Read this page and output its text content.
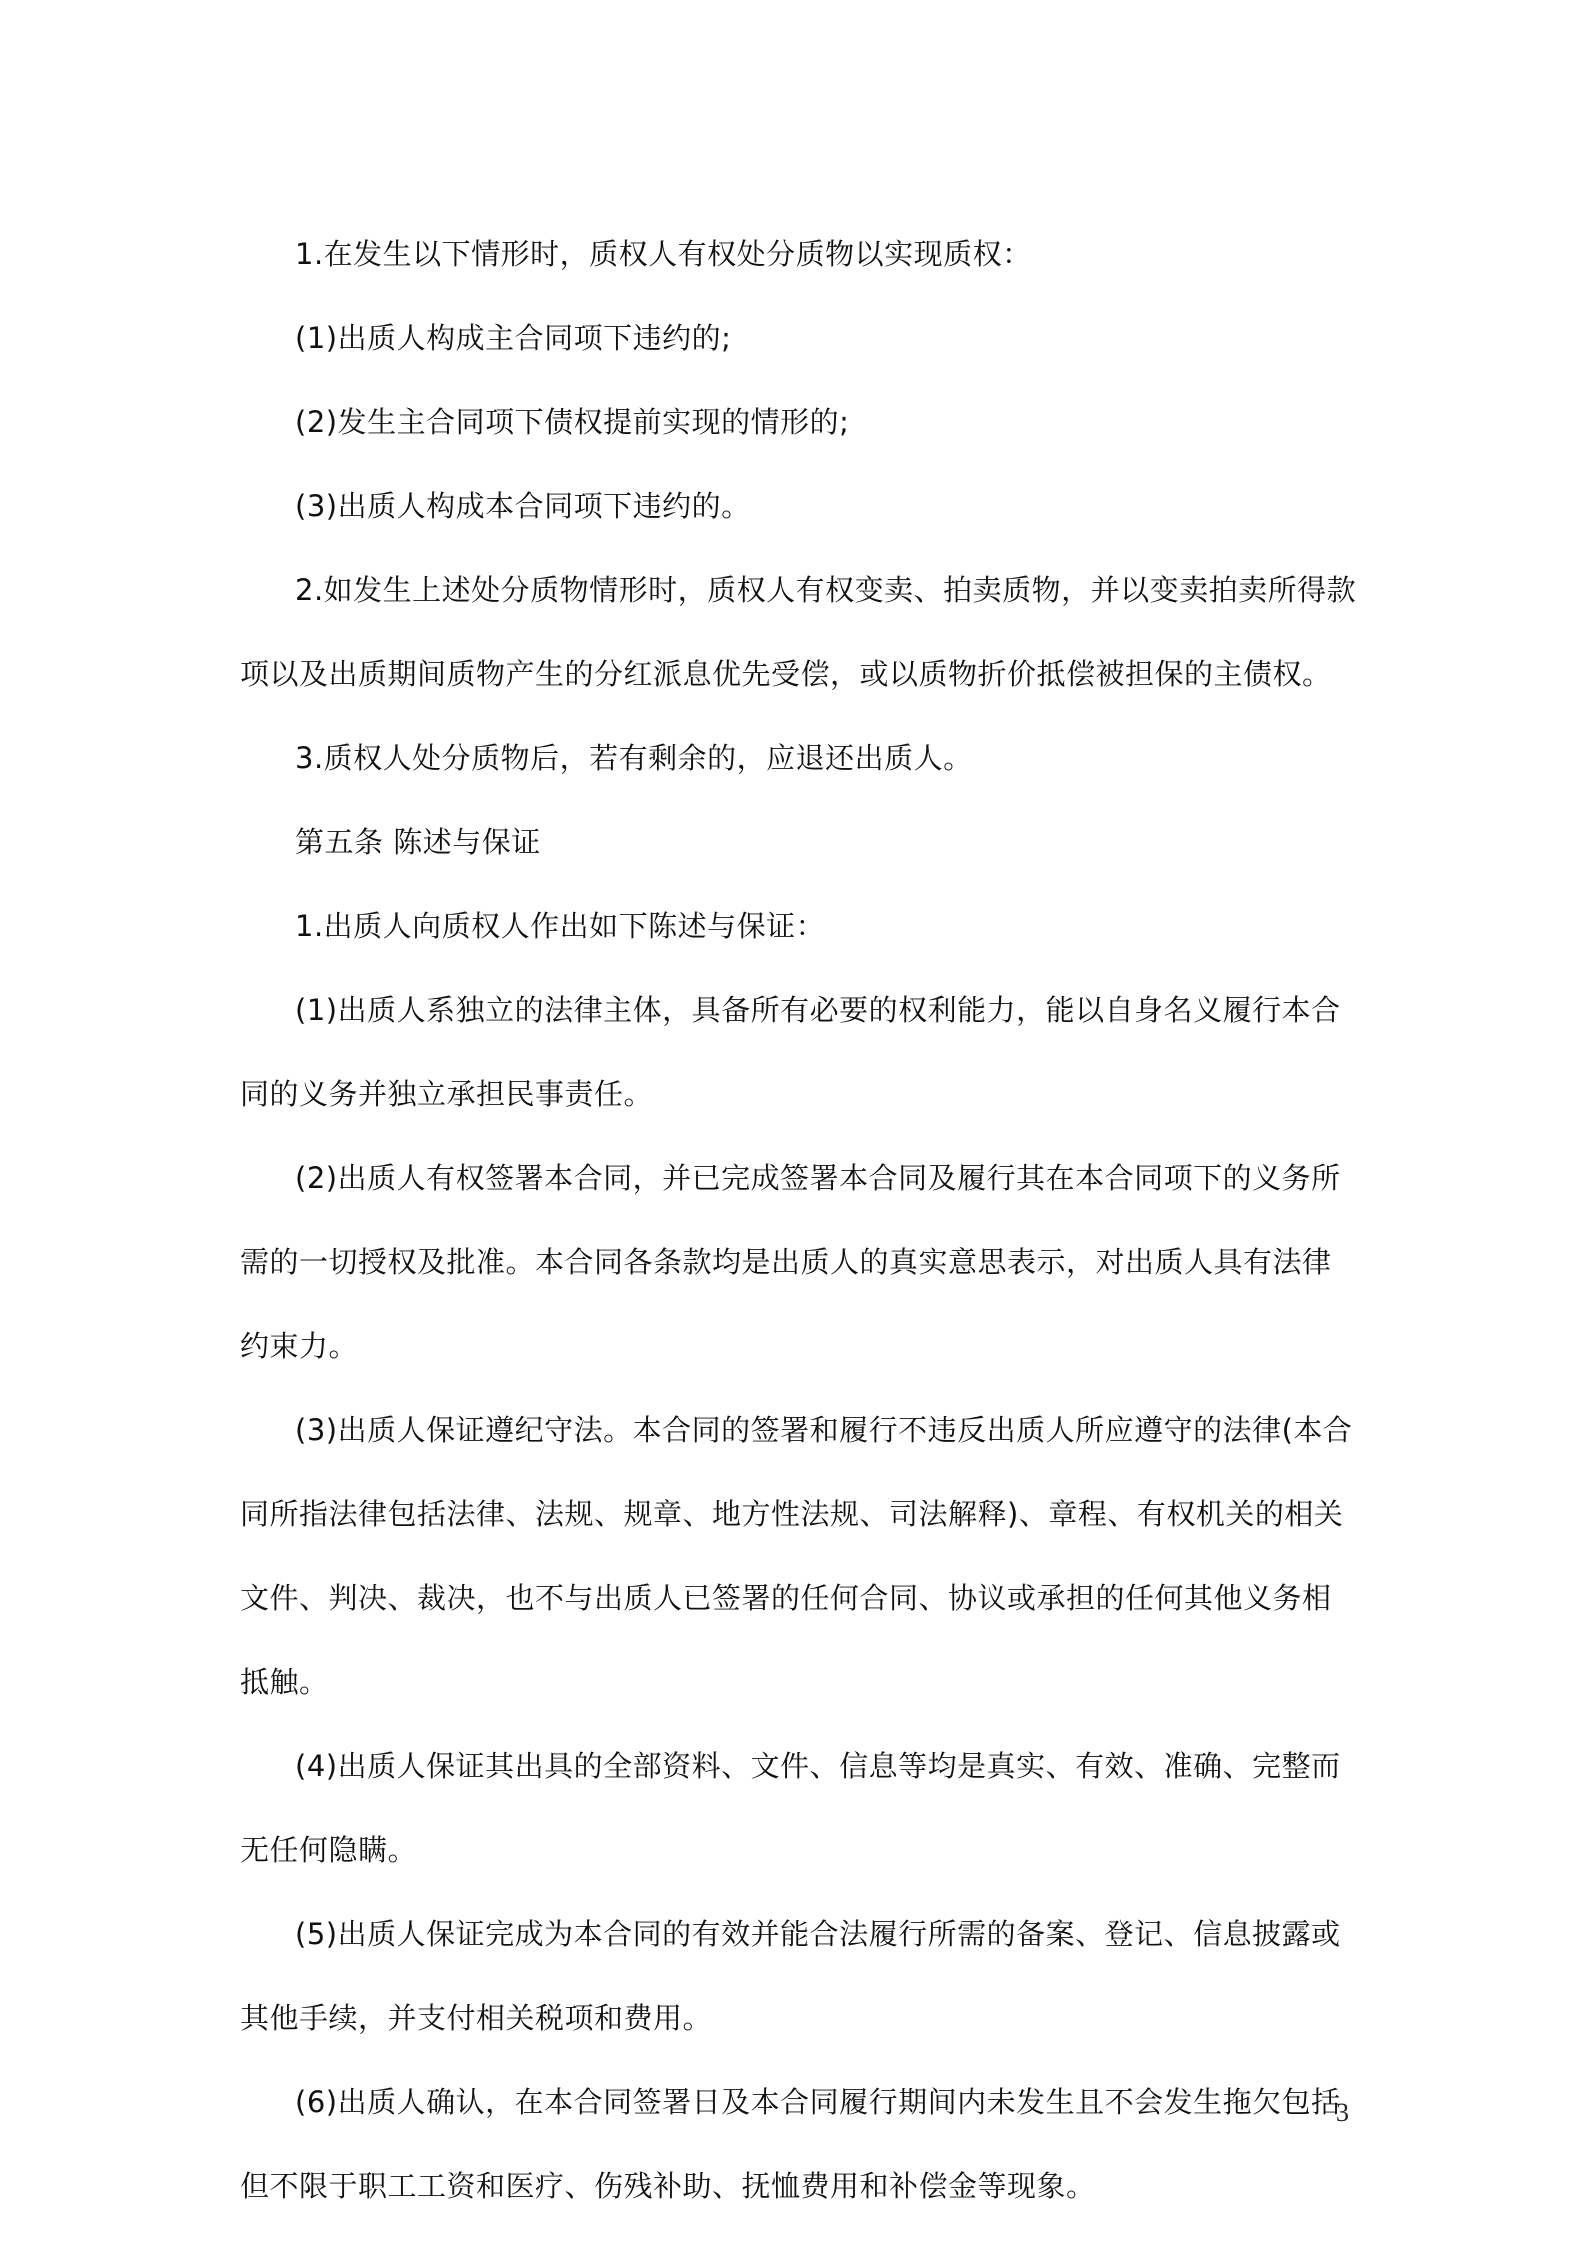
1.在发生以下情形时，质权人有权处分质物以实现质权：

(1)出质人构成主合同项下违约的;

(2)发生主合同项下债权提前实现的情形的;

(3)出质人构成本合同项下违约的。

2.如发生上述处分质物情形时，质权人有权变卖、拍卖质物，并以变卖拍卖所得款项以及出质期间质物产生的分红派息优先受偿，或以质物折价抵偿被担保的主债权。

3.质权人处分质物后，若有剩余的，应退还出质人。

第五条 陈述与保证

1.出质人向质权人作出如下陈述与保证：

(1)出质人系独立的法律主体，具备所有必要的权利能力，能以自身名义履行本合同的义务并独立承担民事责任。

(2)出质人有权签署本合同，并已完成签署本合同及履行其在本合同项下的义务所需的一切授权及批准。本合同各条款均是出质人的真实意思表示，对出质人具有法律约束力。

(3)出质人保证遵纪守法。本合同的签署和履行不违反出质人所应遵守的法律(本合同所指法律包括法律、法规、规章、地方性法规、司法解释)、章程、有权机关的相关文件、判决、裁决，也不与出质人已签署的任何合同、协议或承担的任何其他义务相抵触。

(4)出质人保证其出具的全部资料、文件、信息等均是真实、有效、准确、完整而无任何隐瞒。

(5)出质人保证完成为本合同的有效并能合法履行所需的备案、登记、信息披露或其他手续，并支付相关税项和费用。

(6)出质人确认，在本合同签署日及本合同履行期间内未发生且不会发生拖欠包括但不限于职工工资和医疗、伤残补助、抚恤费用和补偿金等现象。

3
